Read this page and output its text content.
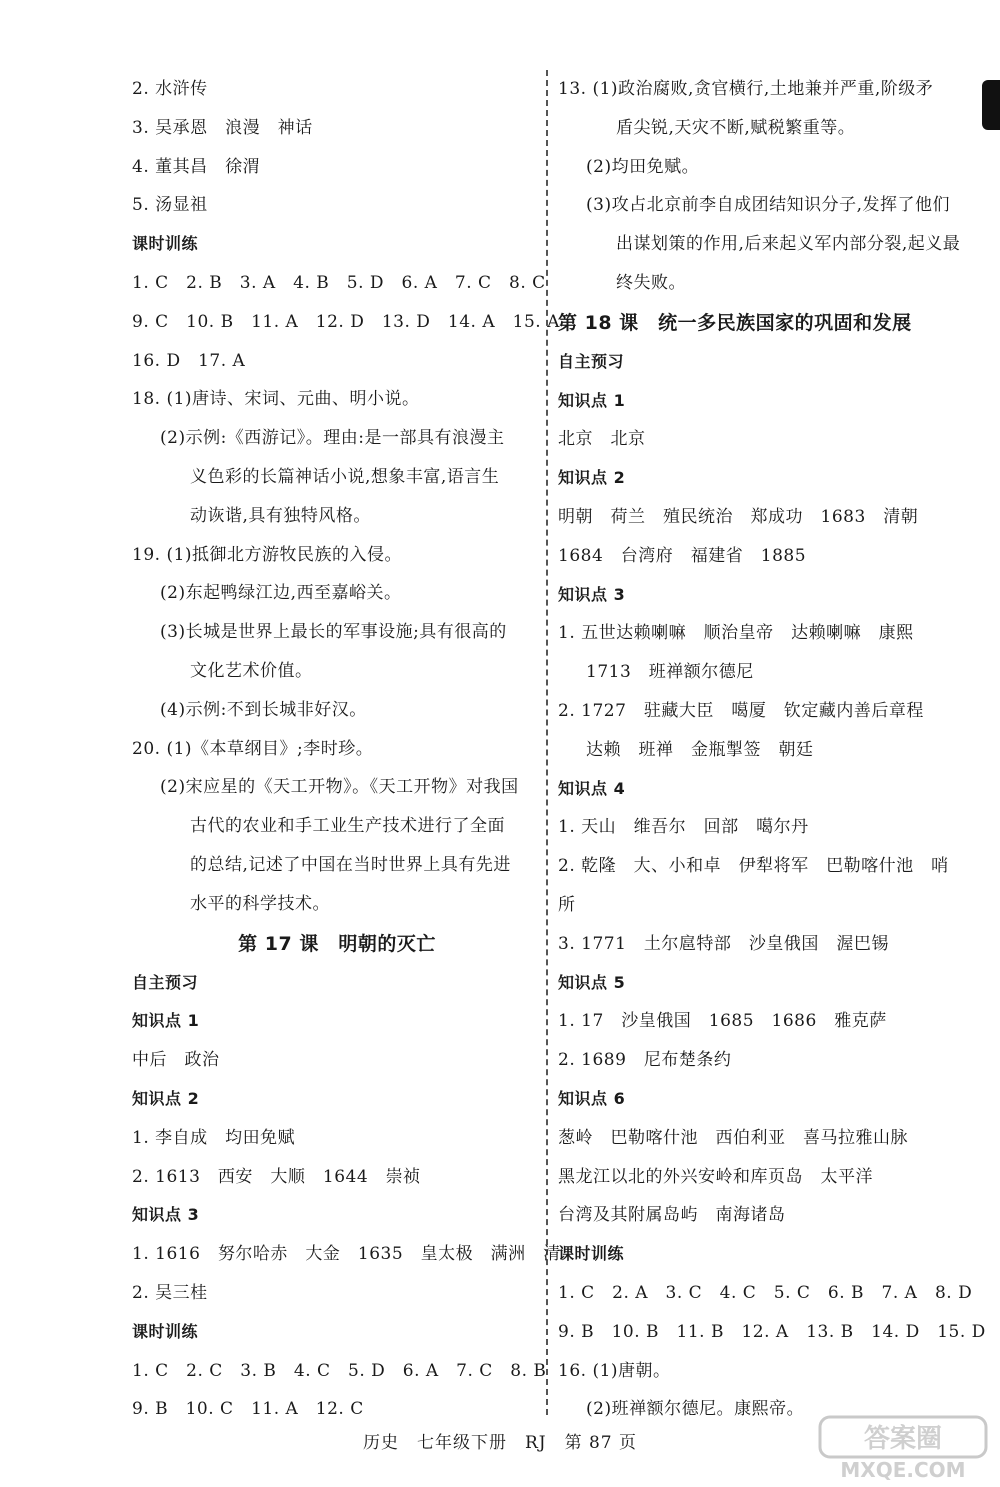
2. 水浒传
3. 吴承恩　浪漫　神话
4. 董其昌　徐渭
5. 汤显祖
课时训练
1. C　2. B　3. A　4. B　5. D　6. A　7. C　8. C
9. C　10. B　11. A　12. D　13. D　14. A　15. A
16. D　17. A
18. (1)唐诗、宋词、元曲、明小说。
(2)示例:《西游记》。理由:是一部具有浪漫主
义色彩的长篇神话小说,想象丰富,语言生
动诙谐,具有独特风格。
19. (1)抵御北方游牧民族的入侵。
(2)东起鸭绿江边,西至嘉峪关。
(3)长城是世界上最长的军事设施;具有很高的
文化艺术价值。
(4)示例:不到长城非好汉。
20. (1)《本草纲目》;李时珍。
(2)宋应星的《天工开物》。《天工开物》对我国
古代的农业和手工业生产技术进行了全面
的总结,记述了中国在当时世界上具有先进
水平的科学技术。
第 17 课　明朝的灭亡
自主预习
知识点 1
中后　政治
知识点 2
1. 李自成　均田免赋
2. 1613　西安　大顺　1644　崇祯
知识点 3
1. 1616　努尔哈赤　大金　1635　皇太极　满洲　清
2. 吴三桂
课时训练
1. C　2. C　3. B　4. C　5. D　6. A　7. C　8. B
9. B　10. C　11. A　12. C
13. (1)政治腐败,贪官横行,土地兼并严重,阶级矛
盾尖锐,天灾不断,赋税繁重等。
(2)均田免赋。
(3)攻占北京前李自成团结知识分子,发挥了他们
出谋划策的作用,后来起义军内部分裂,起义最
终失败。
第 18 课　统一多民族国家的巩固和发展
自主预习
知识点 1
北京　北京
知识点 2
明朝　荷兰　殖民统治　郑成功　1683　清朝
1684　台湾府　福建省　1885
知识点 3
1. 五世达赖喇嘛　顺治皇帝　达赖喇嘛　康熙
1713　班禅额尔德尼
2. 1727　驻藏大臣　噶厦　钦定藏内善后章程
达赖　班禅　金瓶掣签　朝廷
知识点 4
1. 天山　维吾尔　回部　噶尔丹
2. 乾隆　大、小和卓　伊犁将军　巴勒喀什池　哨
所
3. 1771　土尔扈特部　沙皇俄国　渥巴锡
知识点 5
1. 17　沙皇俄国　1685　1686　雅克萨
2. 1689　尼布楚条约
知识点 6
葱岭　巴勒喀什池　西伯利亚　喜马拉雅山脉
黑龙江以北的外兴安岭和库页岛　太平洋
台湾及其附属岛屿　南海诸岛
课时训练
1. C　2. A　3. C　4. C　5. C　6. B　7. A　8. D
9. B　10. B　11. B　12. A　13. B　14. D　15. D
16. (1)唐朝。
(2)班禅额尔德尼。康熙帝。
历史　七年级下册　RJ　第 87 页	答案圈
MXQE.COM
